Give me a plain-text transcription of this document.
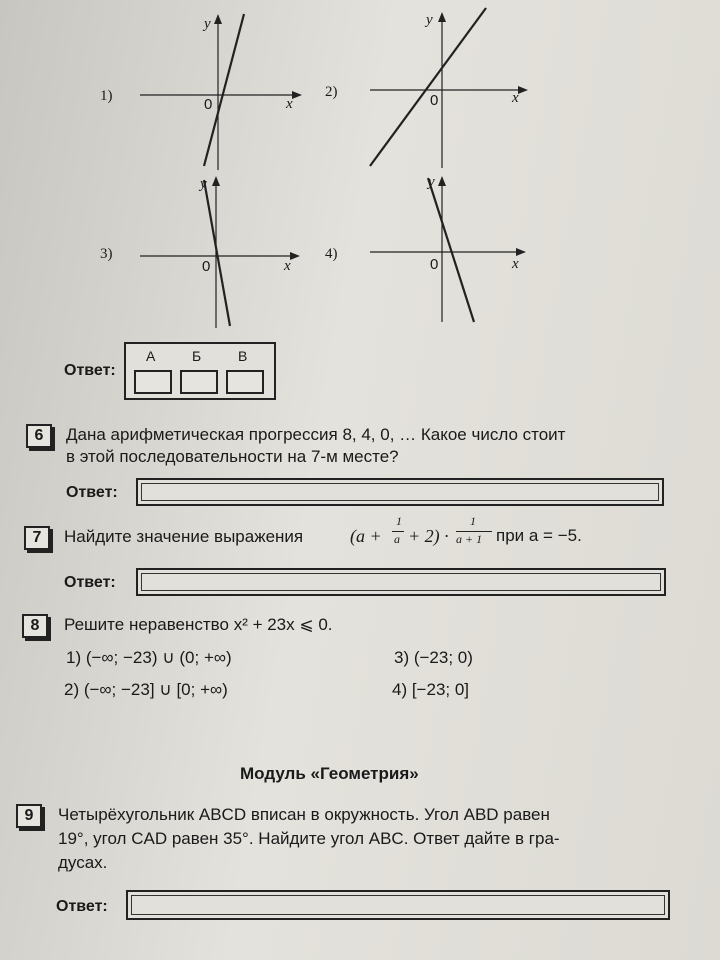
1)
y
0	x
2)
y
0	x
3)
y
0	x
4)
y
0	x
Ответ:
А	Б	В
6	Дана арифметическая прогрессия 8, 4, 0, … Какое число стоит
в этой последовательности на 7-м месте?
Ответ:
7	Найдите значение выражения	(a +
1
a + 2) ·
1
a + 1 при a = −5.
Ответ:
8	Решите неравенство x² + 23x ⩽ 0.
1) (−∞; −23) ∪ (0; +∞)	3) (−23; 0)
2) (−∞; −23] ∪ [0; +∞)	4) [−23; 0]
Модуль «Геометрия»
9	Четырёхугольник ABCD вписан в окружность. Угол ABD равен
19°, угол CAD равен 35°. Найдите угол ABC. Ответ дайте в гра-
дусах.
Ответ:
